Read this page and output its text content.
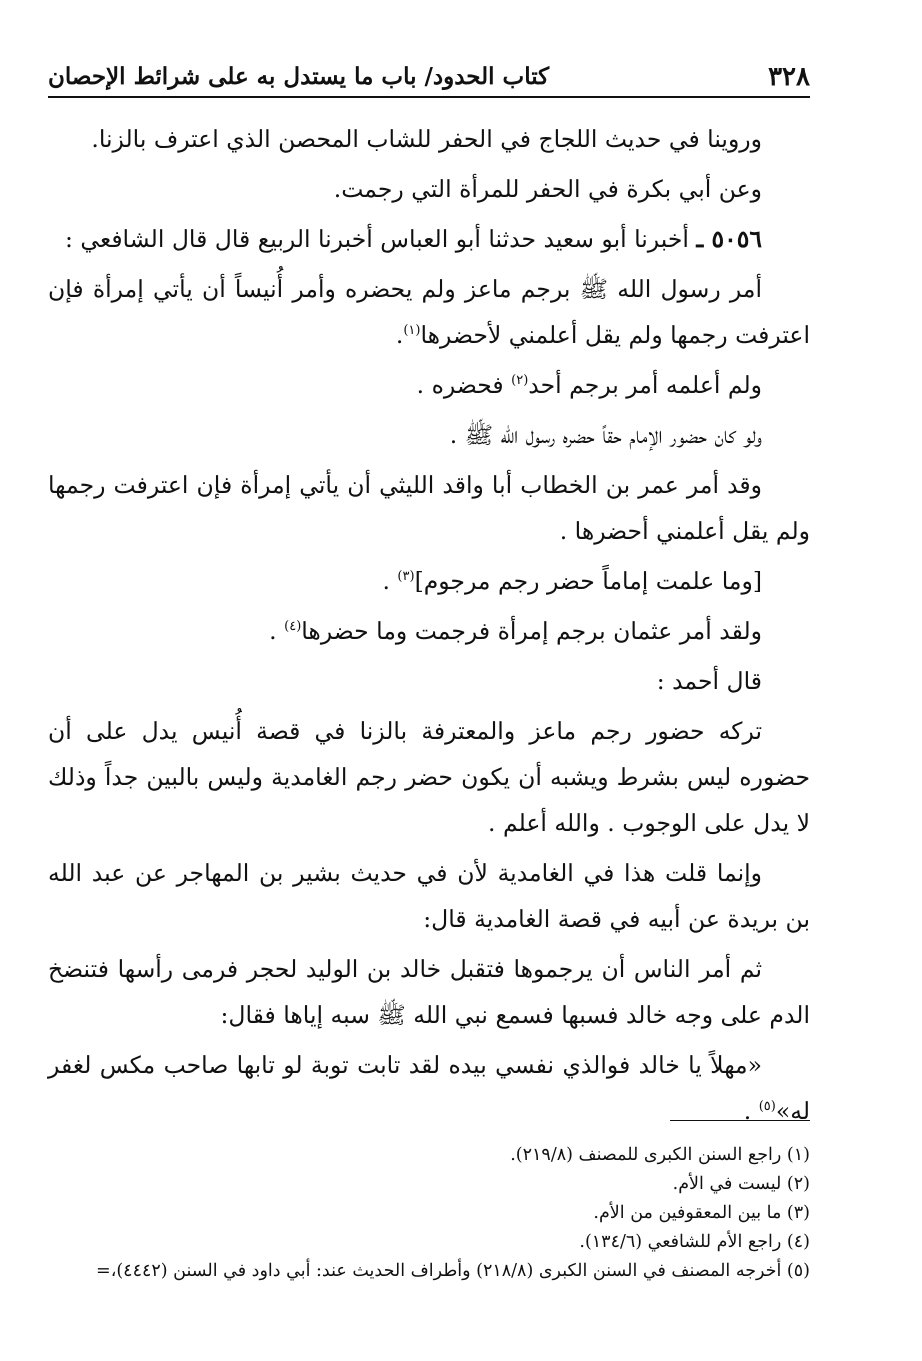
٣٢٨
كتاب الحدود/ باب ما يستدل به على شرائط الإحصان

وروينا في حديث اللجاج في الحفر للشاب المحصن الذي اعترف بالزنا.

وعن أبي بكرة في الحفر للمرأة التي رجمت.

٥٠٥٦ ـ أخبرنا أبو سعيد حدثنا أبو العباس أخبرنا الربيع قال قال الشافعي :

أمر رسول الله ﷺ برجم ماعز ولم يحضره وأمر أُنيساً أن يأتي إمرأة فإن اعترفت رجمها ولم يقل أعلمني لأحضرها$^{(١)}$.

ولم أعلمه أمر برجم أحد$^{(٢)}$ فحضره .

ولو كان حضور الإمام حقاً حضره رسول الله ﷺ .

وقد أمر عمر بن الخطاب أبا واقد الليثي أن يأتي إمرأة فإن اعترفت رجمها ولم يقل أعلمني أحضرها .

[وما علمت إماماً حضر رجم مرجوم]$^{(٣)}$ .

ولقد أمر عثمان برجم إمرأة فرجمت وما حضرها$^{(٤)}$ .

قال أحمد :

تركه حضور رجم ماعز والمعترفة بالزنا في قصة أُنيس يدل على أن حضوره ليس بشرط ويشبه أن يكون حضر رجم الغامدية وليس بالبين جداً وذلك لا يدل على الوجوب . والله أعلم .

وإنما قلت هذا في الغامدية لأن في حديث بشير بن المهاجر عن عبد الله بن بريدة عن أبيه في قصة الغامدية قال:

ثم أمر الناس أن يرجموها فتقبل خالد بن الوليد لحجر فرمى رأسها فتنضخ الدم على وجه خالد فسبها فسمع نبي الله ﷺ سبه إياها فقال:

«مهلاً يا خالد فوالذي نفسي بيده لقد تابت توبة لو تابها صاحب مكس لغفر له»$^{(٥)}$ .

(١) راجع السنن الكبرى للمصنف (٢١٩/٨).

(٢) ليست في الأم.

(٣) ما بين المعقوفين من الأم.

(٤) راجع الأم للشافعي (١٣٤/٦).

(٥) أخرجه المصنف في السنن الكبرى (٢١٨/٨) وأطراف الحديث عند: أبي داود في السنن (٤٤٤٢)،=
